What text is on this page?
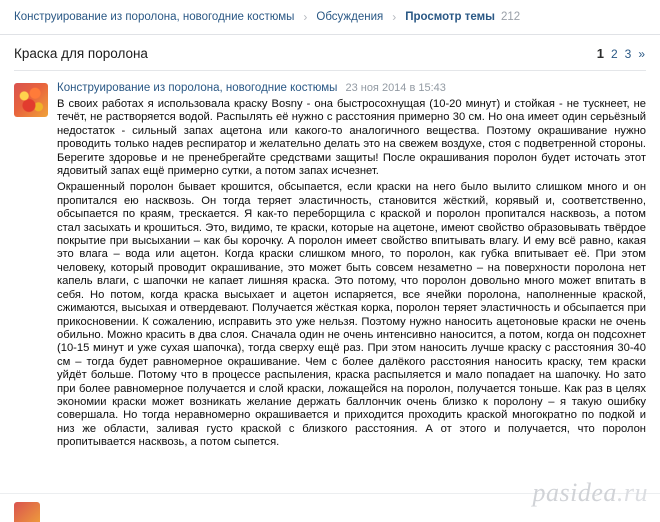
Конструирование из поролона, новогодние костюмы › Обсуждения › Просмотр темы 212
Краска для поролона	1 2 3 »
Конструирование из поролона, новогодние костюмы 23 ноя 2014 в 15:43

В своих работах я использовала краску Bosny - она быстросохнущая (10-20 минут) и стойкая - не тускнеет, не течёт, не растворяется водой. Распылять её нужно с расстояния примерно 30 см. Но она имеет один серьёзный недостаток - сильный запах ацетона или какого-то аналогичного вещества. Поэтому окрашивание нужно проводить только надев респиратор и желательно делать это на свежем воздухе, стоя с подветренной стороны. Берегите здоровье и не пренебрегайте средствами защиты! После окрашивания поролон будет источать этот ядовитый запах ещё примерно сутки, а потом запах исчезнет.

Окрашенный поролон бывает крошится, обсыпается, если краски на него было вылито слишком много и он пропитался ею насквозь. Он тогда теряет эластичность, становится жёсткий, корявый и, соответственно, обсыпается по краям, трескается. Я как-то переборщила с краской и поролон пропитался насквозь, а потом стал засыхать и крошиться. Это, видимо, те краски, которые на ацетоне, имеют свойство образовывать твёрдое покрытие при высыхании – как бы корочку. А поролон имеет свойство впитывать влагу. И ему всё равно, какая это влага – вода или ацетон. Когда краски слишком много, то поролон, как губка впитывает её. При этом человеку, который проводит окрашивание, это может быть совсем незаметно – на поверхности поролона нет капель влаги, с шапочки не капает лишняя краска. Это потому, что поролон довольно много может впитать в себя. Но потом, когда краска высыхает и ацетон испаряется, все ячейки поролона, наполненные краской, сжимаются, высыхая и отвердевают. Получается жёсткая корка, поролон теряет эластичность и обсыпается при прикосновении. К сожалению, исправить это уже нельзя. Поэтому нужно наносить ацетоновые краски не очень обильно. Можно красить в два слоя. Сначала один не очень интенсивно наносится, а потом, когда он подсохнет (10-15 минут и уже сухая шапочка), тогда сверху ещё раз. При этом наносить лучше краску с расстояния 30-40 см – тогда будет равномерное окрашивание. Чем с более далёкого расстояния наносить краску, тем краски уйдёт больше. Потому что в процессе распыления, краска распыляется и мало попадает на шапочку. Но зато при более равномерное получается и слой краски, ложащейся на поролон, получается тоньше. Как раз в целях экономии краски может возникать желание держать баллончик очень близко к поролону – я такую ошибку совершала. Но тогда неравномерно окрашивается и приходится проходить краской многократно по подкой и низ же области, заливая густо краской с близкого расстояния. А от этого и получается, что поролон пропитывается насквозь, а потом сыпется.

pasidea.ru
